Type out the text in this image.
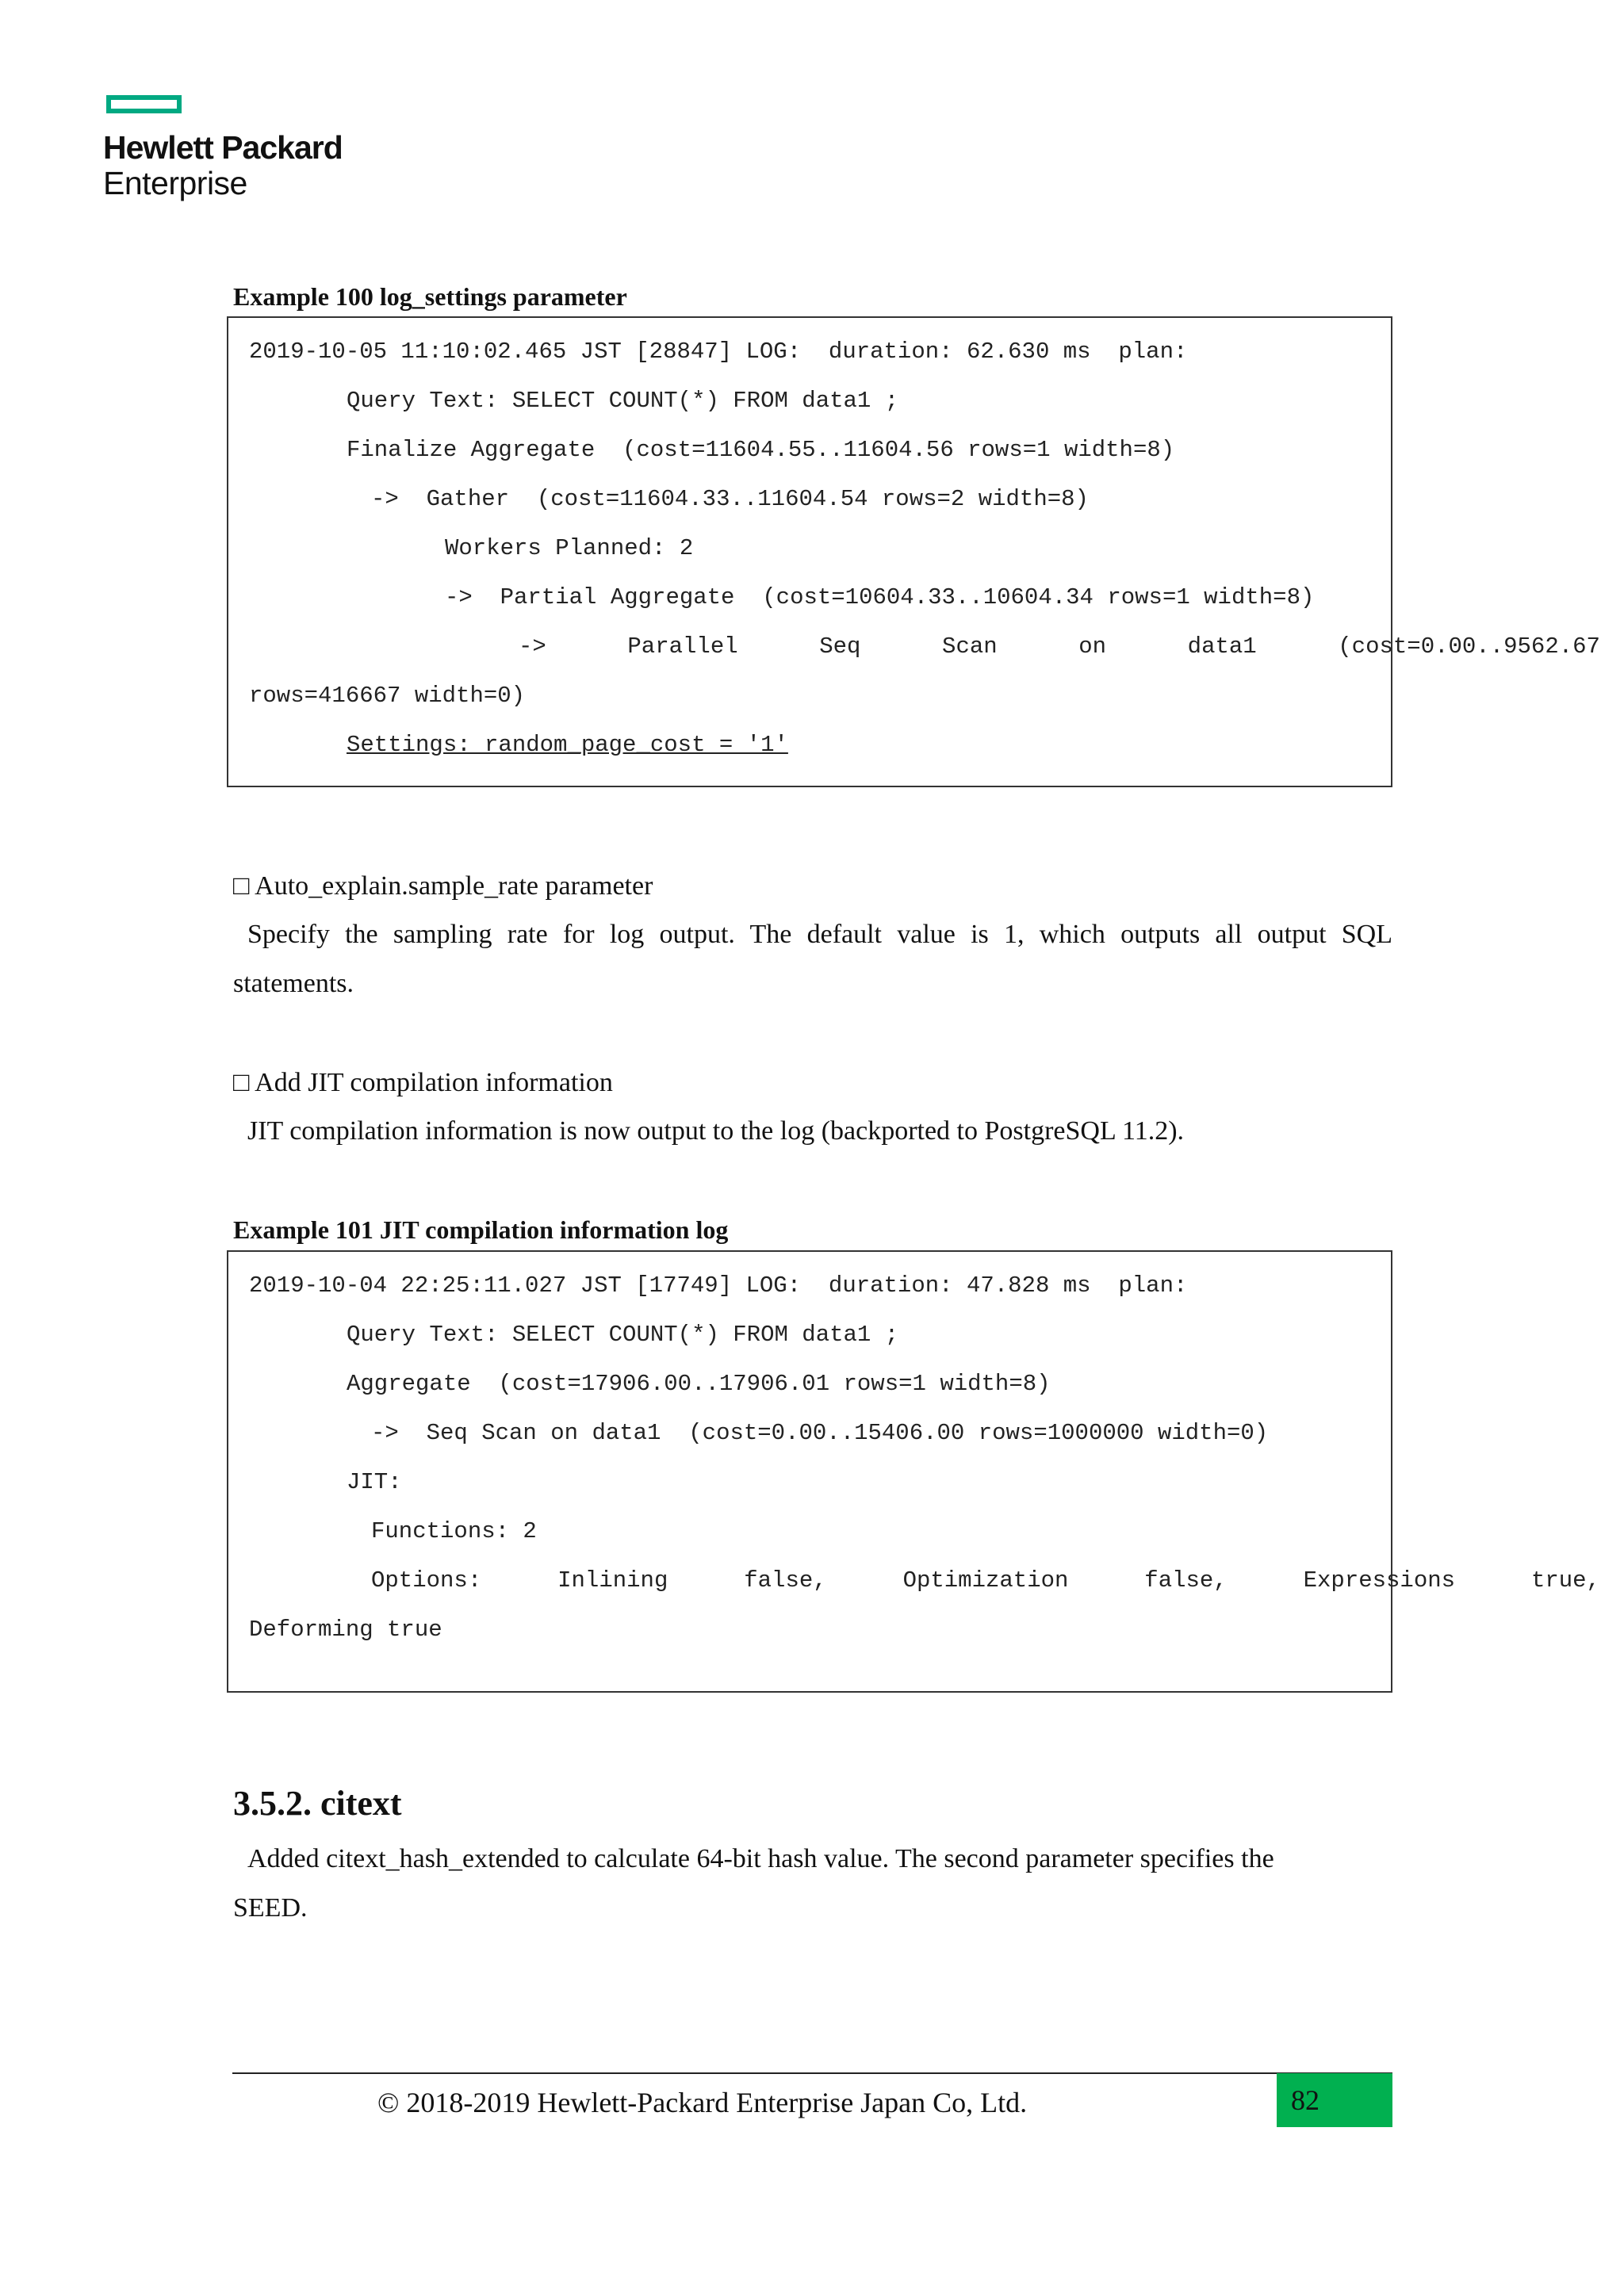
Hewlett Packard
Enterprise
Example 100 log_settings parameter
2019-10-05 11:10:02.465 JST [28847] LOG:  duration: 62.630 ms  plan:
Query Text: SELECT COUNT(*) FROM data1 ;
Finalize Aggregate  (cost=11604.55..11604.56 rows=1 width=8)
->  Gather  (cost=11604.33..11604.54 rows=2 width=8)
Workers Planned: 2
->  Partial Aggregate  (cost=10604.33..10604.34 rows=1 width=8)
->	Parallel	Seq	Scan	on	data1	(cost=0.00..9562.67
rows=416667 width=0)
Settings: random_page_cost = '1'
□ Auto_explain.sample_rate parameter
Specify the sampling rate for log output. The default value is 1, which outputs all output SQL
statements.
□ Add JIT compilation information
JIT compilation information is now output to the log (backported to PostgreSQL 11.2).
Example 101 JIT compilation information log
2019-10-04 22:25:11.027 JST [17749] LOG:  duration: 47.828 ms  plan:
Query Text: SELECT COUNT(*) FROM data1 ;
Aggregate  (cost=17906.00..17906.01 rows=1 width=8)
->  Seq Scan on data1  (cost=0.00..15406.00 rows=1000000 width=0)
JIT:
Functions: 2
Options:	Inlining	false,	Optimization	false,	Expressions	true,
Deforming true
3.5.2. citext
Added citext_hash_extended to calculate 64-bit hash value. The second parameter specifies the
SEED.
© 2018-2019 Hewlett-Packard Enterprise Japan Co, Ltd.	82
